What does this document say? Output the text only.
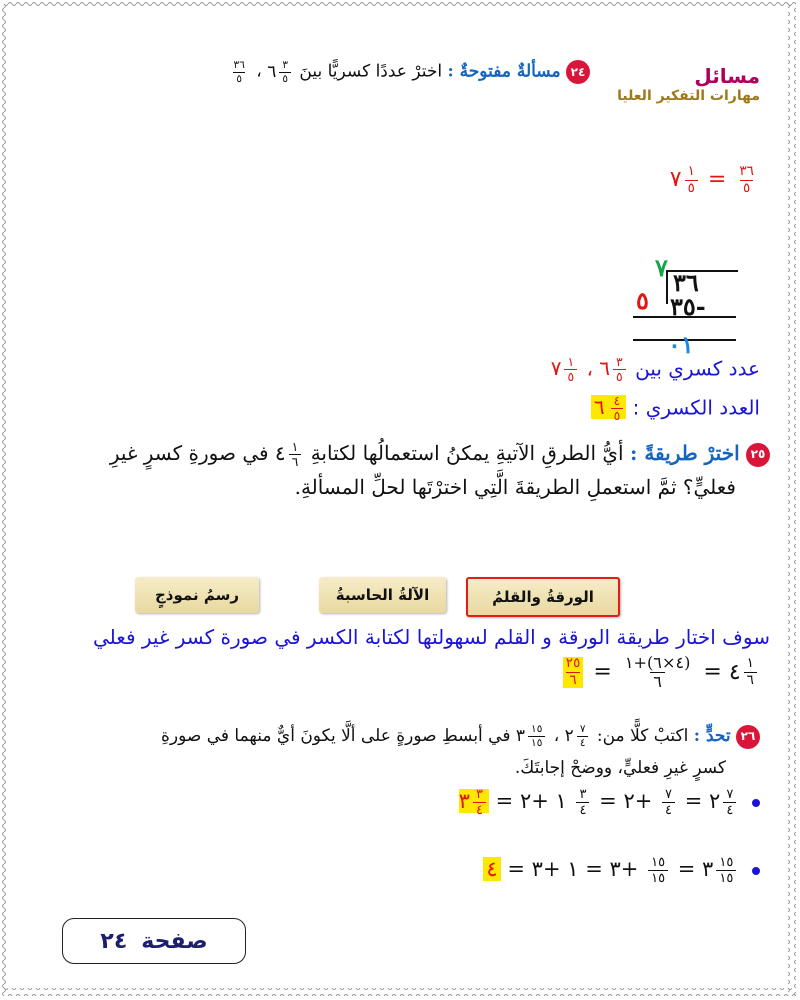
مسائل
مهارات التفكير العليا
٢٤ مسألةٌ مفتوحةٌ : اخترْ عددًا كسريًّا بينَ
$\frac{٣}{٥}$
٦ ،
$\frac{٣٦}{٥}$
$\frac{٣٦}{٥}$
=
$\frac{١}{٥}$
٧
٧
٣٦
٥ ٣٥-
٠١
عدد كسري بين
$\frac{٣}{٥}$
٦ ،
$\frac{١}{٥}$
٧
العدد الكسري :
$\frac{٤}{٥}$
٦
٢٥ اخترْ طريقةً : أيُّ الطرقِ الآتيةِ يمكنُ استعمالُها لكتابةِ
$\frac{١}{٦}$
٤ في صورةِ كسرٍ غيرِ
فعليٍّ؟ ثمَّ استعملِ الطريقةَ الَّتِي اخترْتَها لحلِّ المسألةِ.
الورقةُ والقلمُ
الآلةُ الحاسبةُ
رسمُ نموذجٍ
سوف اختار طريقة الورقة و القلم لسهولتها لكتابة الكسر في صورة كسر غير فعلي
$\frac{١}{٦}$
٤ =
$\frac{(٤\times ٦)+١}{٦}$
=
$\frac{٢٥}{٦}$
٢٦ تحدٍّ : اكتبْ كلًّا من:
$\frac{٧}{٤}$
٢ ،
$\frac{١٥}{١٥}$
٣ في أبسطِ صورةٍ على ألَّا يكونَ أيٌّ منهما في صورةِ
كسرٍ غيرِ فعليٍّ، ووضحْ إجابتَكَ.

$\frac{٧}{٤}$
٢ =
$\frac{٧}{٤}$
+٢ =
$\frac{٣}{٤}$
١ +٢ =
$\frac{٣}{٤}$
٣

$\frac{١٥}{١٥}$
٣ =
$\frac{١٥}{١٥}$
+٣ = ١ +٣ = ٤
صفحة
٢٤
